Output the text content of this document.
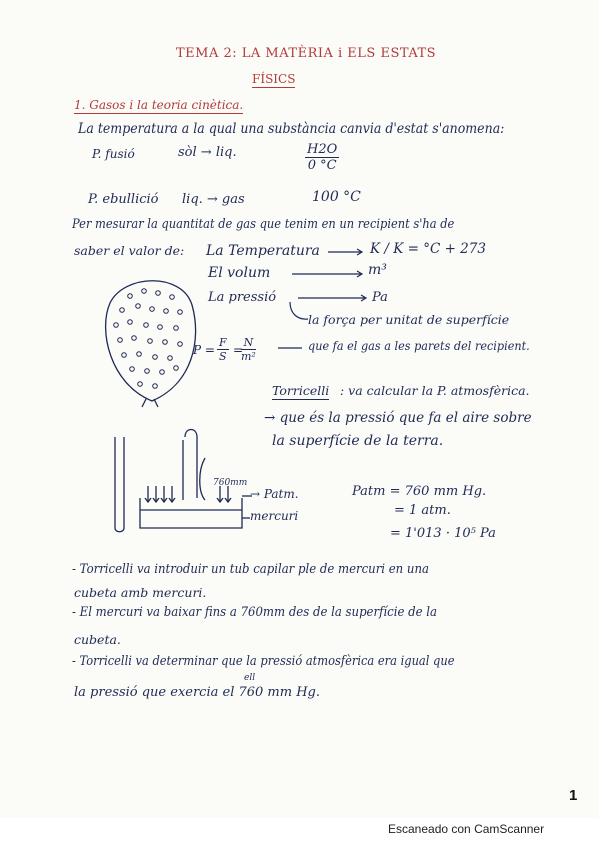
TEMA 2: LA MATÈRIA i ELS ESTATS
FÍSICS
1. Gasos i la teoria cinètica.
La temperatura a la qual una substància canvia d'estat s'anomena:
P. fusió	sòl → liq.	$\frac{H2O}{0 ^\circ C}$
P. ebullició liq. → gas	100 °C
Per mesurar la quantitat de gas que tenim en un recipient s'ha de
saber el valor de: La Temperatura	K / K = °C + 273
El volum	m³
La pressió	Pa
la força per unitat de superfície
$P = \frac{F}{S}$ =
$\frac{N}{\text{m²}}$	que fa el gas a les parets del recipient.
Torricelli : va calcular la P. atmosfèrica.
→ que és la pressió que fa el aire sobre
la superfície de la terra.
760mm
→ Patm.
mercuri
Patm = 760 mm Hg.
= 1 atm.
= 1'013 · 10⁵ Pa
- Torricelli va introduir un tub capilar ple de mercuri en una
cubeta amb mercuri.
- El mercuri va baixar fins a 760mm des de la superfície de la
cubeta.
- Torricelli va determinar que la pressió atmosfèrica era igual que
la pressió que exercia el 760 mm Hg.
ell
1
Escaneado con CamScanner
